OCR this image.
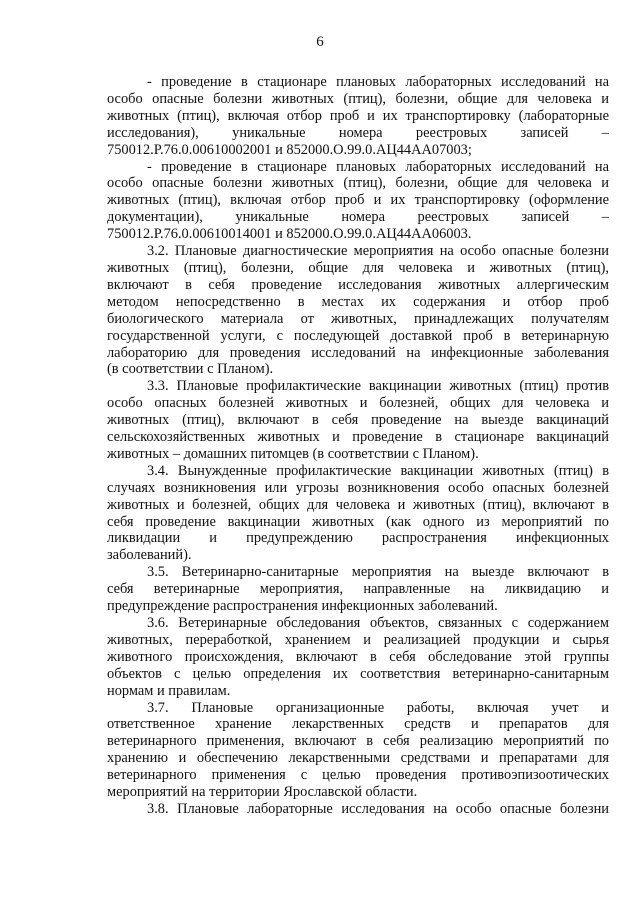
6
- проведение в стационаре плановых лабораторных исследований на
особо опасные болезни животных (птиц), болезни, общие для человека и
животных (птиц), включая отбор проб и их транспортировку (лабораторные
исследования), уникальные номера реестровых записей –
750012.Р.76.0.00610002001 и 852000.О.99.0.АЦ44АА07003;
- проведение в стационаре плановых лабораторных исследований на
особо опасные болезни животных (птиц), болезни, общие для человека и
животных (птиц), включая отбор проб и их транспортировку (оформление
документации), уникальные номера реестровых записей –
750012.Р.76.0.00610014001 и 852000.О.99.0.АЦ44АА06003.
3.2. Плановые диагностические мероприятия на особо опасные болезни
животных (птиц), болезни, общие для человека и животных (птиц),
включают в себя проведение исследования животных аллергическим
методом непосредственно в местах их содержания и отбор проб
биологического материала от животных, принадлежащих получателям
государственной услуги, с последующей доставкой проб в ветеринарную
лабораторию для проведения исследований на инфекционные заболевания
(в соответствии с Планом).
3.3. Плановые профилактические вакцинации животных (птиц) против
особо опасных болезней животных и болезней, общих для человека и
животных (птиц), включают в себя проведение на выезде вакцинаций
сельскохозяйственных животных и проведение в стационаре вакцинаций
животных – домашних питомцев (в соответствии с Планом).
3.4. Вынужденные профилактические вакцинации животных (птиц) в
случаях возникновения или угрозы возникновения особо опасных болезней
животных и болезней, общих для человека и животных (птиц), включают в
себя проведение вакцинации животных (как одного из мероприятий по
ликвидации и предупреждению распространения инфекционных
заболеваний).
3.5. Ветеринарно-санитарные мероприятия на выезде включают в
себя ветеринарные мероприятия, направленные на ликвидацию и
предупреждение распространения инфекционных заболеваний.
3.6. Ветеринарные обследования объектов, связанных с содержанием
животных, переработкой, хранением и реализацией продукции и сырья
животного происхождения, включают в себя обследование этой группы
объектов с целью определения их соответствия ветеринарно-санитарным
нормам и правилам.
3.7. Плановые организационные работы, включая учет и
ответственное хранение лекарственных средств и препаратов для
ветеринарного применения, включают в себя реализацию мероприятий по
хранению и обеспечению лекарственными средствами и препаратами для
ветеринарного применения с целью проведения противоэпизоотических
мероприятий на территории Ярославской области.
3.8. Плановые лабораторные исследования на особо опасные болезни
